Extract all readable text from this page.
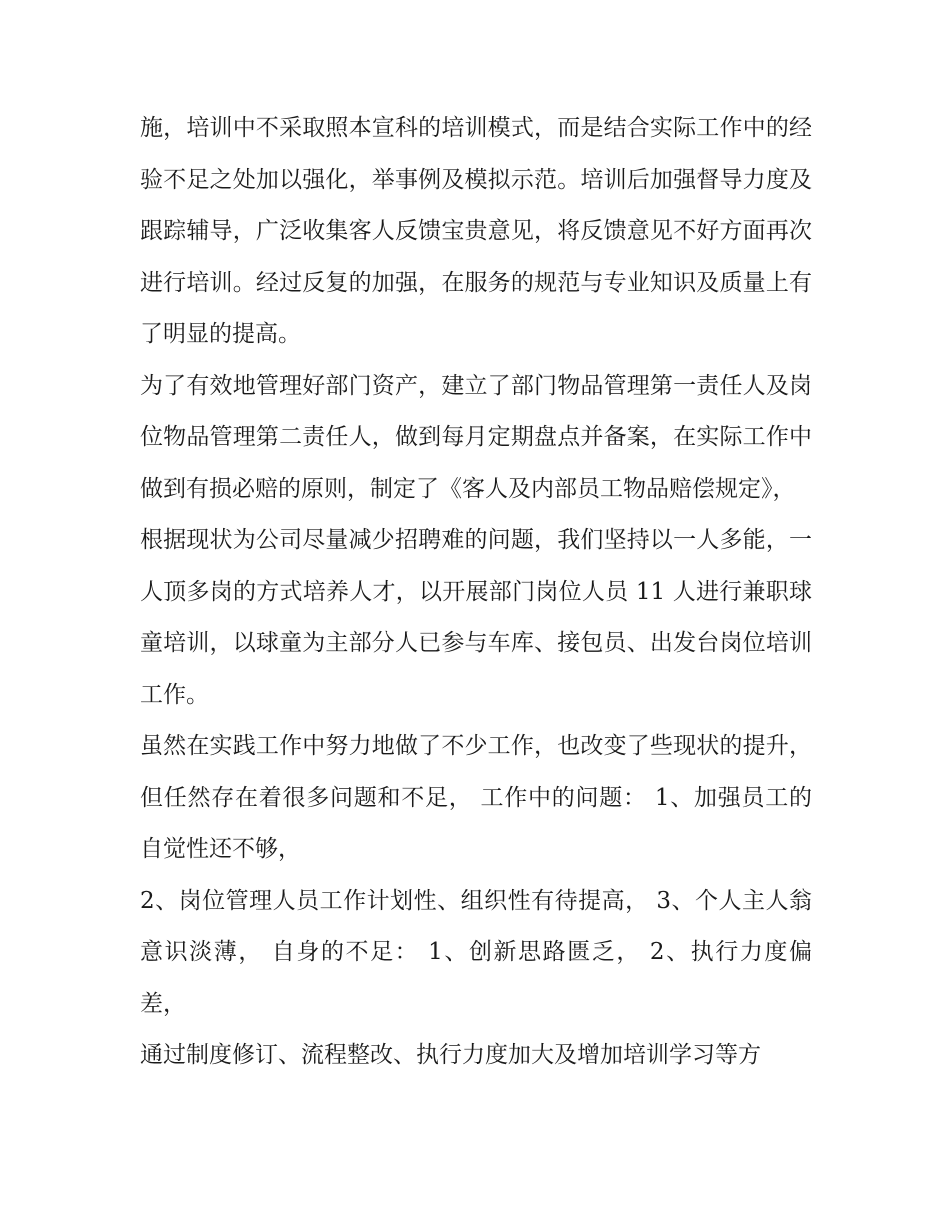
施，培训中不采取照本宣科的培训模式，而是结合实际工作中的经验不足之处加以强化，举事例及模拟示范。培训后加强督导力度及跟踪辅导，广泛收集客人反馈宝贵意见，将反馈意见不好方面再次进行培训。经过反复的加强，在服务的规范与专业知识及质量上有了明显的提高。

为了有效地管理好部门资产，建立了部门物品管理第一责任人及岗位物品管理第二责任人，做到每月定期盘点并备案，在实际工作中做到有损必赔的原则，制定了《客人及内部员工物品赔偿规定》，

根据现状为公司尽量减少招聘难的问题，我们坚持以一人多能，一人顶多岗的方式培养人才，以开展部门岗位人员 11 人进行兼职球童培训，以球童为主部分人已参与车库、接包员、出发台岗位培训工作。

虽然在实践工作中努力地做了不少工作，也改变了些现状的提升，但任然存在着很多问题和不足， 工作中的问题： 1、加强员工的自觉性还不够，

2、岗位管理人员工作计划性、组织性有待提高， 3、个人主人翁意识淡薄， 自身的不足： 1、创新思路匮乏， 2、执行力度偏差，

通过制度修订、流程整改、执行力度加大及增加培训学习等方
